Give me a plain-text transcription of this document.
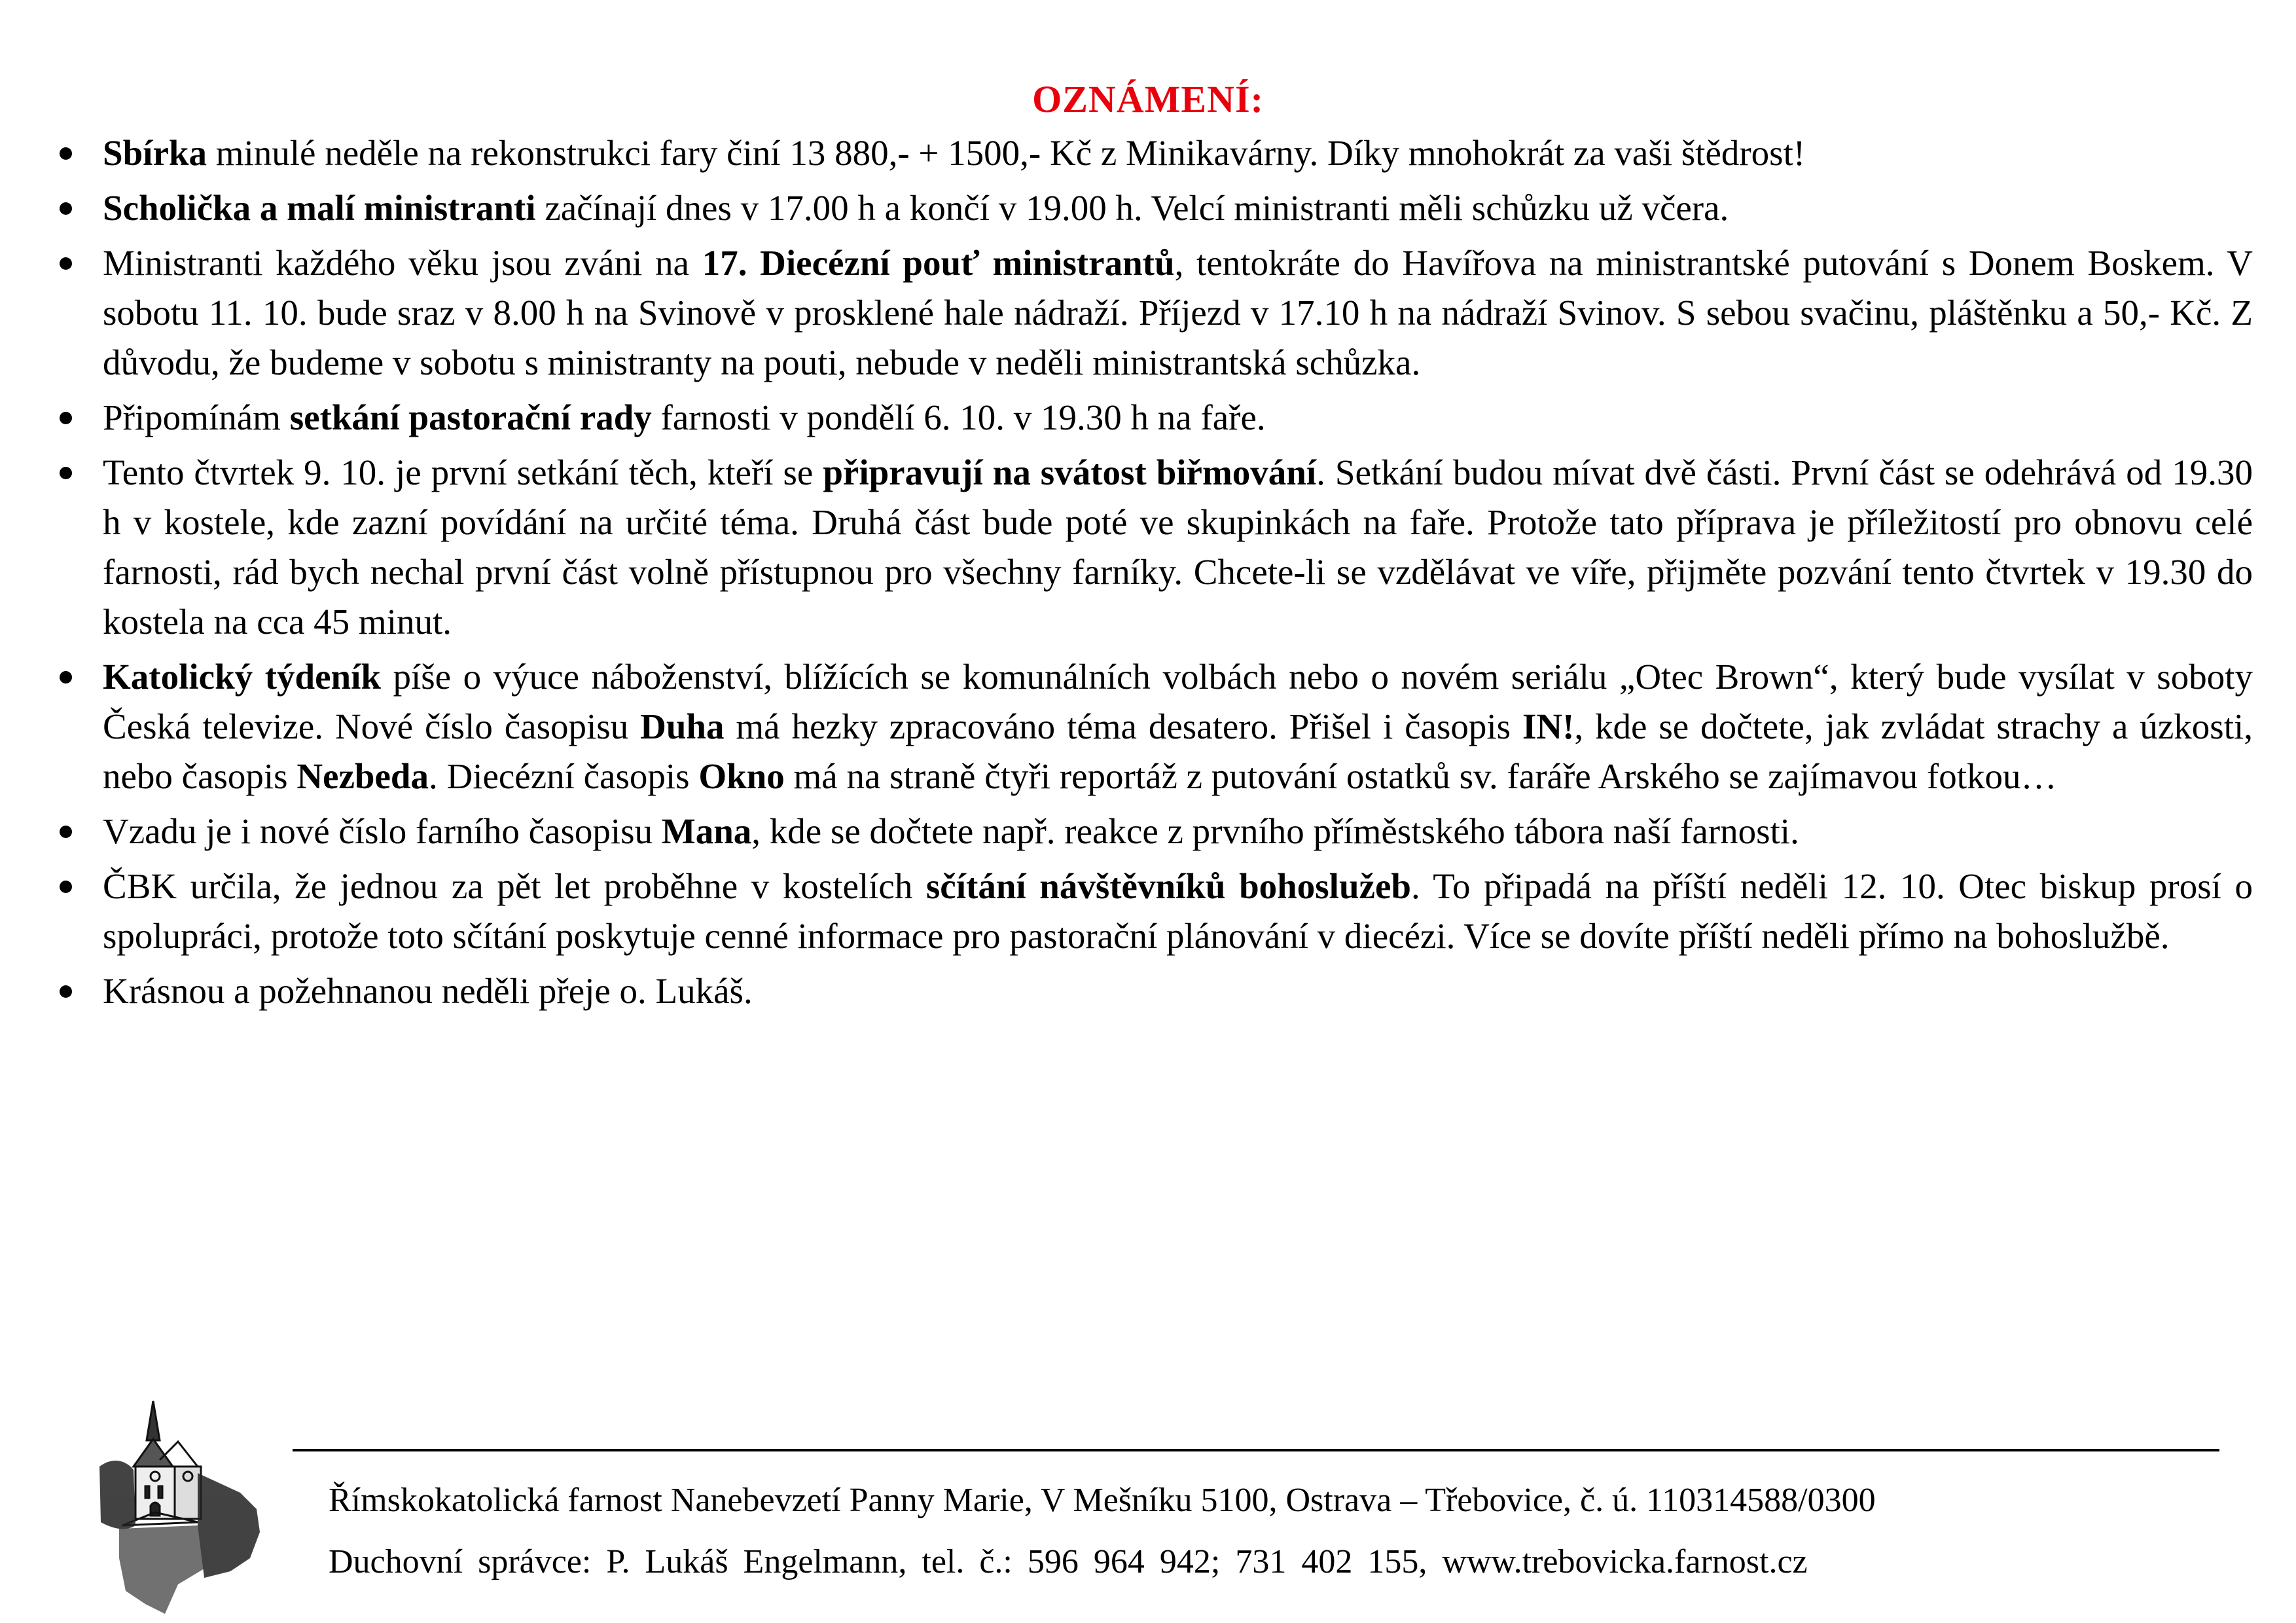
OZNÁMENÍ:
Sbírka minulé neděle na rekonstrukci fary činí 13 880,- + 1500,- Kč z Minikavárny. Díky mnohokrát za vaši štědrost!
Scholička a malí ministranti začínají dnes v 17.00 h a končí v 19.00 h. Velcí ministranti měli schůzku už včera.
Ministranti každého věku jsou zváni na 17. Diecézní pouť ministrantů, tentokráte do Havířova na ministrantské putování s Donem Boskem. V sobotu 11. 10. bude sraz v 8.00 h na Svinově v prosklené hale nádraží. Příjezd v 17.10 h na nádraží Svinov. S sebou svačinu, pláštěnku a 50,- Kč. Z důvodu, že budeme v sobotu s ministranty na pouti, nebude v neděli ministrantská schůzka.
Připomínám setkání pastorační rady farnosti v pondělí 6. 10. v 19.30 h na faře.
Tento čtvrtek 9. 10. je první setkání těch, kteří se připravují na svátost biřmování. Setkání budou mívat dvě části. První část se odehrává od 19.30 h v kostele, kde zazní povídání na určité téma. Druhá část bude poté ve skupinkách na faře. Protože tato příprava je příležitostí pro obnovu celé farnosti, rád bych nechal první část volně přístupnou pro všechny farníky. Chcete-li se vzdělávat ve víře, přijměte pozvání tento čtvrtek v 19.30 do kostela na cca 45 minut.
Katolický týdeník píše o výuce náboženství, blížících se komunálních volbách nebo o novém seriálu „Otec Brown“, který bude vysílat v soboty Česká televize. Nové číslo časopisu Duha má hezky zpracováno téma desatero. Přišel i časopis IN!, kde se dočtete, jak zvládat strachy a úzkosti, nebo časopis Nezbeda. Diecézní časopis Okno má na straně čtyři reportáž z putování ostatků sv. faráře Arského se zajímavou fotkou…
Vzadu je i nové číslo farního časopisu Mana, kde se dočtete např. reakce z prvního příměstského tábora naší farnosti.
ČBK určila, že jednou za pět let proběhne v kostelích sčítání návštěvníků bohoslužeb. To připadá na příští neděli 12. 10. Otec biskup prosí o spolupráci, protože toto sčítání poskytuje cenné informace pro pastorační plánování v diecézi. Více se dovíte příští neděli přímo na bohoslužbě.
Krásnou a požehnanou neděli přeje o. Lukáš.
Římskokatolická farnost Nanebevzetí Panny Marie, V Mešníku 5100, Ostrava – Třebovice, č. ú. 110314588/0300
Duchovní správce: P. Lukáš Engelmann, tel. č.: 596 964 942; 731 402 155, www.trebovicka.farnost.cz
